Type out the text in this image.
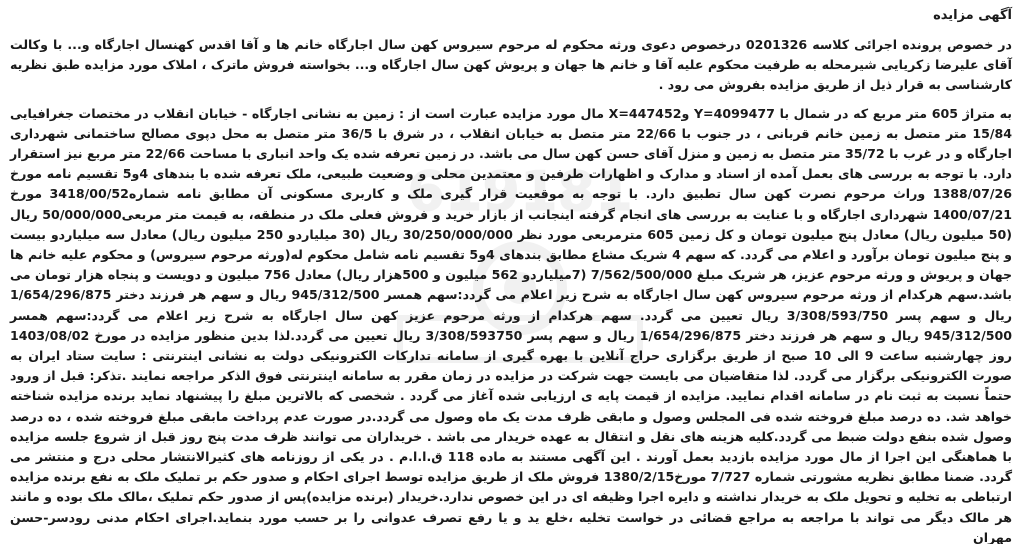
619181
آگهی مزایده
در خصوص پرونده اجرائی کلاسه 0201326 درخصوص دعوی ورثه محکوم له مرحوم سیروس کهن سال اجارگاه خانم ها و آقا اقدس کهنسال اجارگاه و... با وکالت آقای علیرضا زکریایی شیرمحله به طرفیت محکوم علیه آقا و خانم ها جهان و پریوش کهن سال اجارگاه و... بخواسته فروش ماترک ، املاک مورد مزایده طبق نظریه کارشناسی به قرار ذیل از طریق مزایده بفروش می رود .
به متراژ 605 متر مربع که در شمال با Y=4099477 وX=447452 مال مورد مزایده عبارت است از : زمین به نشانی اجارگاه - خیابان انقلاب در مختصات جغرافیایی 15/84 متر متصل به زمین خانم قربانی ، در جنوب با 22/66 متر متصل به خیابان انقلاب ، در شرق با 36/5 متر متصل به محل دپوی مصالح ساختمانی شهرداری اجارگاه و در غرب با 35/72 متر متصل به زمین و منزل آقای حسن کهن سال می باشد. در زمین تعرفه شده یک واحد انباری با مساحت 22/66 متر مربع نیز استقرار دارد. با توجه به بررسی های بعمل آمده از اسناد و مدارک و اظهارات طرفین و معتمدین محلی و وضعیت طبیعی، ملک تعرفه شده با بندهای 4و5 تقسیم نامه مورخ 1388/07/26 وراث مرحوم نصرت کهن سال تطبیق دارد. با توجه به موقعیت قرار گیری ملک و کاربری مسکونی آن مطابق نامه شماره3418/00/52 مورخ 1400/07/21 شهرداری اجارگاه و با عنایت به بررسی های انجام گرفته اینجانب از بازار خرید و فروش فعلی ملک در منطقه، به قیمت متر مربعی50/000/000 ریال (50 میلیون ریال) معادل پنج میلیون تومان و کل زمین 605 مترمربعی مورد نظر 30/250/000/000 ریال (30 میلیاردو 250 میلیون ریال) معادل سه میلیاردو بیست و پنج میلیون تومان برآورد و اعلام می گردد. که سهم 4 شریک مشاع مطابق بندهای 4و5 تقسیم نامه شامل محکوم له(ورثه مرحوم سیروس) و محکوم علیه خانم ها جهان و پریوش و ورثه مرحوم عزیز، هر شریک مبلغ 7/562/500/000 (7میلیاردو 562 میلیون و 500هزار ریال) معادل 756 میلیون و دویست و پنجاه هزار تومان می باشد.سهم هرکدام از ورثه مرحوم سیروس کهن سال اجارگاه به شرح زیر اعلام می گردد:سهم همسر 945/312/500 ریال و سهم هر فرزند دختر 1/654/296/875 ریال و سهم پسر 3/308/593/750 ریال تعیین می گردد. سهم هرکدام از ورثه مرحوم عزیز کهن سال اجارگاه به شرح زیر اعلام می گردد:سهم همسر 945/312/500 ریال و سهم هر فرزند دختر 1/654/296/875 ریال و سهم پسر 3/308/593750 ریال تعیین می گردد.لذا بدین منظور مزایده در مورخ 1403/08/02 روز چهارشنبه ساعت 9 الی 10 صبح از طریق برگزاری حراج آنلاین با بهره گیری از سامانه تدارکات الکترونیکی دولت به نشانی اینترنتی : سایت ستاد ایران به صورت الکترونیکی برگزار می گردد. لذا متقاضیان می بایست جهت شرکت در مزایده در زمان مقرر به سامانه اینترنتی فوق الذکر مراجعه نمایند .تذکر: قبل از ورود حتماً نسبت به ثبت نام در سامانه اقدام نمایید. مزایده از قیمت پایه ی ارزیابی شده آغاز می گردد . شخصی که بالاترین مبلغ را پیشنهاد نماید برنده مزایده شناخته خواهد شد. ده درصد مبلغ فروخته شده فی المجلس وصول و مابقی ظرف مدت یک ماه وصول می گردد.در صورت عدم پرداخت مابقی مبلغ فروخته شده ، ده درصد وصول شده بنفع دولت ضبط می گردد.کلیه هزینه های نقل و انتقال به عهده خریدار می باشد . خریداران می توانند ظرف مدت پنج روز قبل از شروع جلسه مزایده با هماهنگی این اجرا از مال مورد مزایده بازدید بعمل آورند . این آگهی مستند به ماده 118 ق.ا.ا.م . در یکی از روزنامه های کثیرالانتشار محلی درج و منتشر می گردد. ضمنا مطابق نظریه مشورتی شماره 7/727 مورخ1380/2/15 فروش ملک از طریق مزایده توسط اجرای احکام و صدور حکم بر تملیک ملک به نفع برنده مزایده ارتباطی به تخلیه و تحویل ملک به خریدار نداشته و دایره اجرا وظیفه ای در این خصوص ندارد.خریدار (برنده مزایده)پس از صدور حکم تملیک ،مالک ملک بوده و مانند هر مالک دیگر می تواند با مراجعه به مراجع قضائی در خواست تخلیه ،خلع ید و یا رفع تصرف عدوانی را بر حسب مورد بنماید.اجرای احکام مدنی رودسر-حسن مهران
